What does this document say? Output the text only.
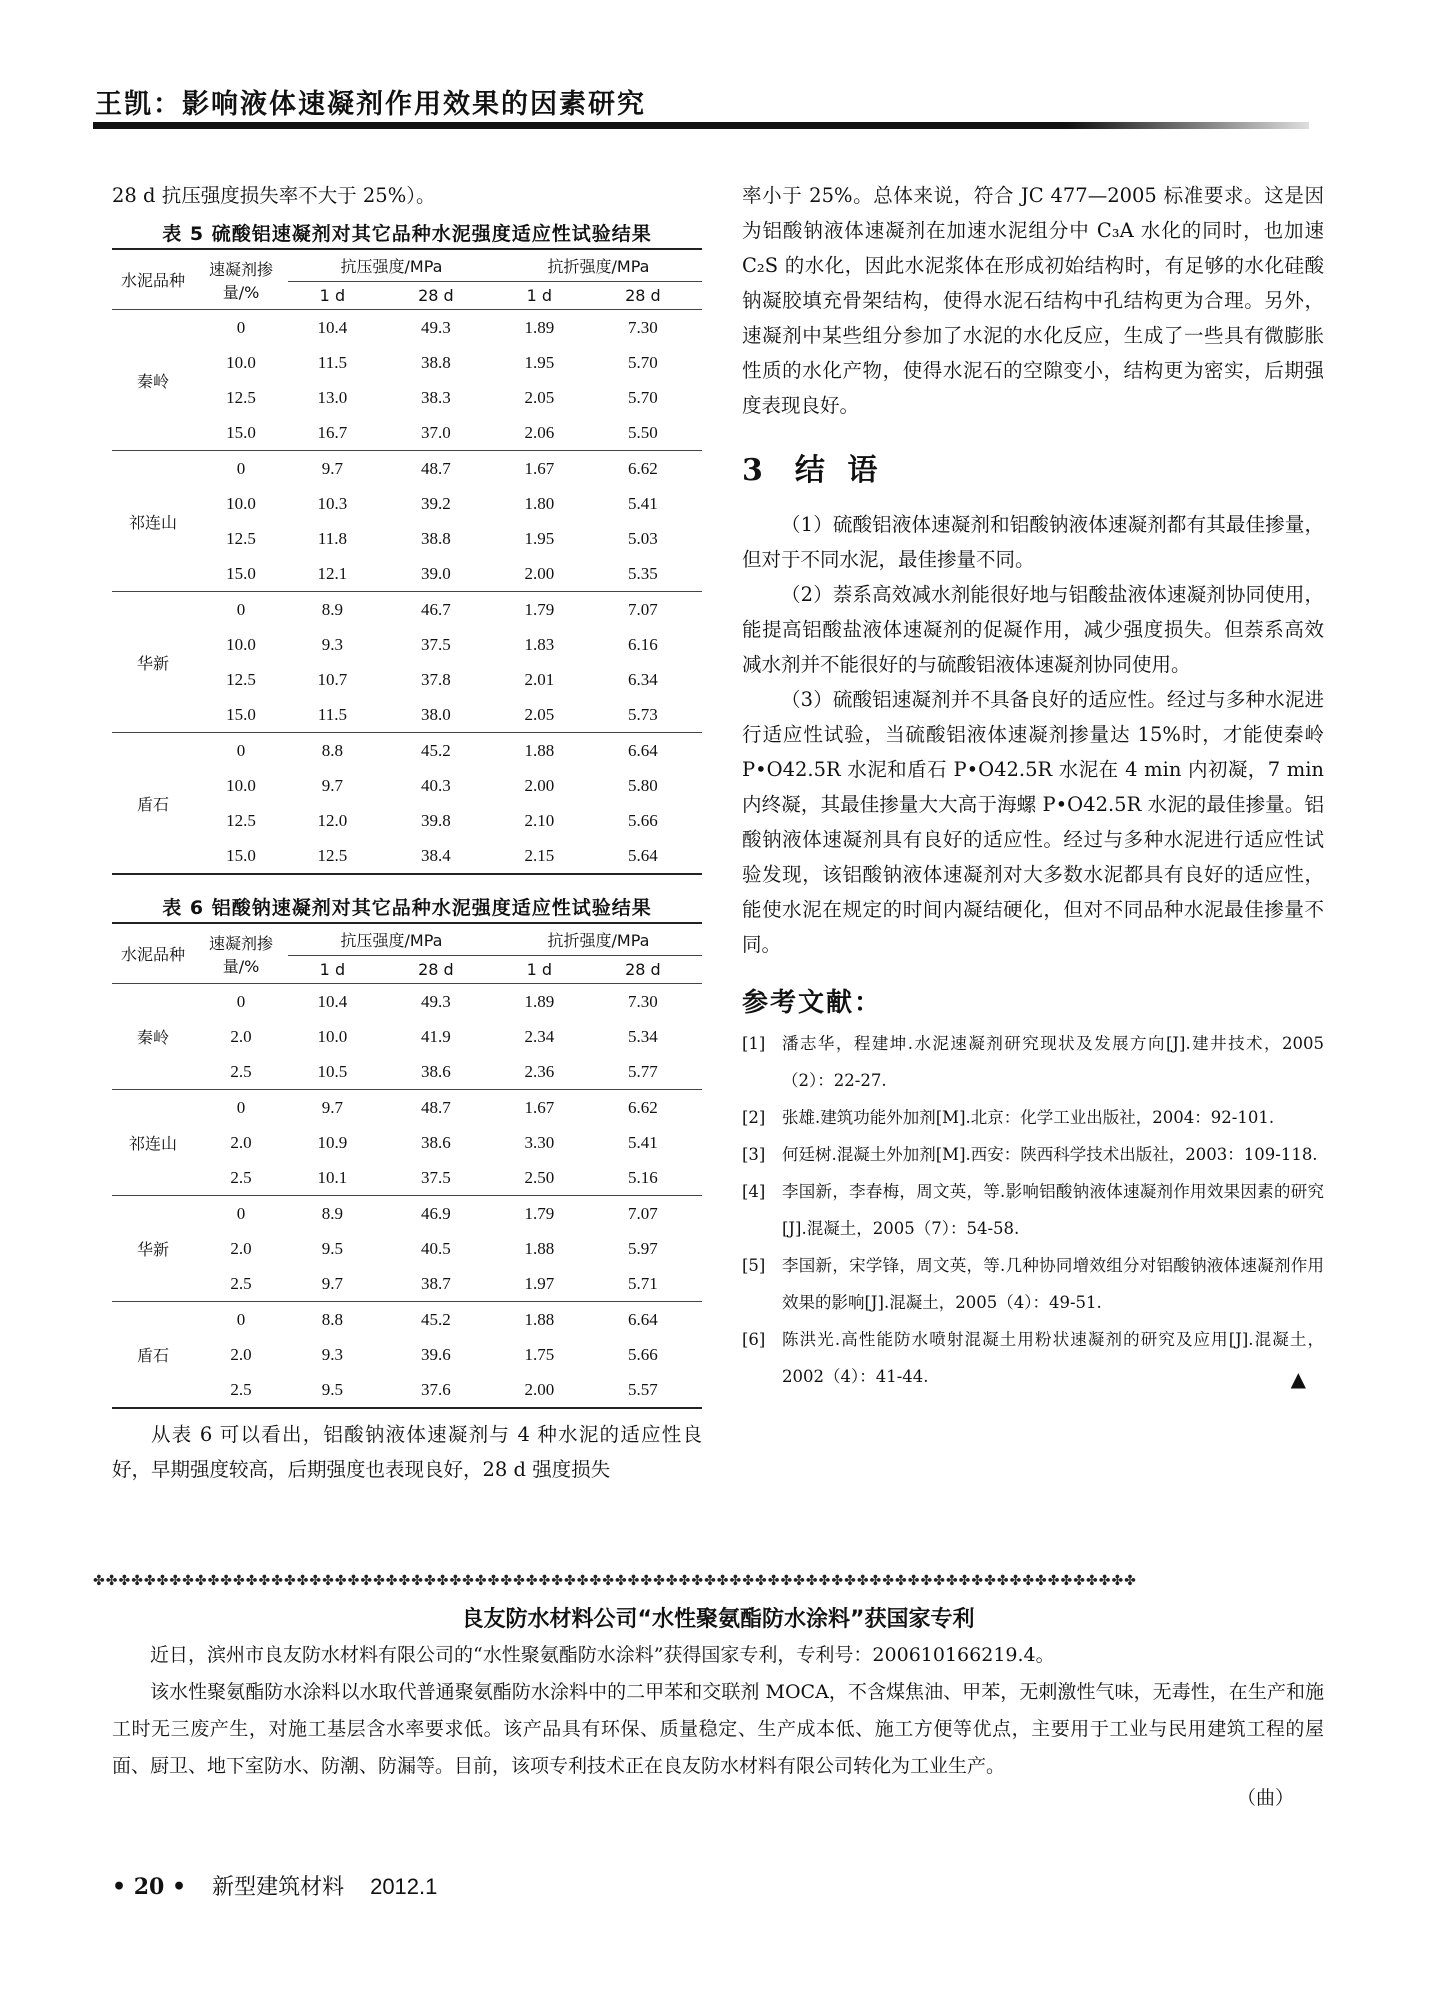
王凯：影响液体速凝剂作用效果的因素研究

28 d 抗压强度损失率不大于 25%）。

表 5 硫酸铝速凝剂对其它品种水泥强度适应性试验结果
水泥品种	速凝剂掺量/%	抗压强度/MPa		抗折强度/MPa	
		1 d	28 d	1 d	28 d
秦岭	0	10.4	49.3	1.89	7.30
	10.0	11.5	38.8	1.95	5.70
	12.5	13.0	38.3	2.05	5.70
	15.0	16.7	37.0	2.06	5.50
祁连山	0	9.7	48.7	1.67	6.62
	10.0	10.3	39.2	1.80	5.41
	12.5	11.8	38.8	1.95	5.03
	15.0	12.1	39.0	2.00	5.35
华新	0	8.9	46.7	1.79	7.07
	10.0	9.3	37.5	1.83	6.16
	12.5	10.7	37.8	2.01	6.34
	15.0	11.5	38.0	2.05	5.73
盾石	0	8.8	45.2	1.88	6.64
	10.0	9.7	40.3	2.00	5.80
	12.5	12.0	39.8	2.10	5.66
	15.0	12.5	38.4	2.15	5.64
表 6 铝酸钠速凝剂对其它品种水泥强度适应性试验结果
水泥品种	速凝剂掺量/%	抗压强度/MPa		抗折强度/MPa	
		1 d	28 d	1 d	28 d
秦岭	0	10.4	49.3	1.89	7.30
	2.0	10.0	41.9	2.34	5.34
	2.5	10.5	38.6	2.36	5.77
祁连山	0	9.7	48.7	1.67	6.62
	2.0	10.9	38.6	3.30	5.41
	2.5	10.1	37.5	2.50	5.16
华新	0	8.9	46.9	1.79	7.07
	2.0	9.5	40.5	1.88	5.97
	2.5	9.7	38.7	1.97	5.71
盾石	0	8.8	45.2	1.88	6.64
	2.0	9.3	39.6	1.75	5.66
	2.5	9.5	37.6	2.00	5.57

从表 6 可以看出，铝酸钠液体速凝剂与 4 种水泥的适应性良好，早期强度较高，后期强度也表现良好，28 d 强度损失

率小于 25%。总体来说，符合 JC 477—2005 标准要求。这是因为铝酸钠液体速凝剂在加速水泥组分中 C₃A 水化的同时，也加速 C₂S 的水化，因此水泥浆体在形成初始结构时，有足够的水化硅酸钠凝胶填充骨架结构，使得水泥石结构中孔结构更为合理。另外，速凝剂中某些组分参加了水泥的水化反应，生成了一些具有微膨胀性质的水化产物，使得水泥石的空隙变小，结构更为密实，后期强度表现良好。

3 结 语

（1）硫酸铝液体速凝剂和铝酸钠液体速凝剂都有其最佳掺量，但对于不同水泥，最佳掺量不同。

（2）萘系高效减水剂能很好地与铝酸盐液体速凝剂协同使用，能提高铝酸盐液体速凝剂的促凝作用，减少强度损失。但萘系高效减水剂并不能很好的与硫酸铝液体速凝剂协同使用。

（3）硫酸铝速凝剂并不具备良好的适应性。经过与多种水泥进行适应性试验，当硫酸铝液体速凝剂掺量达 15%时，才能使秦岭 P•O42.5R 水泥和盾石 P•O42.5R 水泥在 4 min 内初凝，7 min 内终凝，其最佳掺量大大高于海螺 P•O42.5R 水泥的最佳掺量。铝酸钠液体速凝剂具有良好的适应性。经过与多种水泥进行适应性试验发现，该铝酸钠液体速凝剂对大多数水泥都具有良好的适应性，能使水泥在规定的时间内凝结硬化，但对不同品种水泥最佳掺量不同。

参考文献：
[1]	潘志华，程建坤.水泥速凝剂研究现状及发展方向[J].建井技术，2005（2）：22-27.
[2]	张雄.建筑功能外加剂[M].北京：化学工业出版社，2004：92-101.
[3]	何廷树.混凝土外加剂[M].西安：陕西科学技术出版社，2003：109-118.
[4]	李国新，李春梅，周文英，等.影响铝酸钠液体速凝剂作用效果因素的研究[J].混凝土，2005（7）：54-58.
[5]	李国新，宋学锋，周文英，等.几种协同增效组分对铝酸钠液体速凝剂作用效果的影响[J].混凝土，2005（4）：49-51.
[6]	陈洪光.高性能防水喷射混凝土用粉状速凝剂的研究及应用[J].混凝土，2002（4）：41-44.	▲
✤✤✤✤✤✤✤✤✤✤✤✤✤✤✤✤✤✤✤✤✤✤✤✤✤✤✤✤✤✤✤✤✤✤✤✤✤✤✤✤✤✤✤✤✤✤✤✤✤✤✤✤✤✤✤✤✤✤✤✤✤✤✤✤✤✤✤✤✤✤✤✤✤✤✤✤✤✤✤✤✤✤
良友防水材料公司“水性聚氨酯防水涂料”获国家专利

近日，滨州市良友防水材料有限公司的“水性聚氨酯防水涂料”获得国家专利，专利号：200610166219.4。

该水性聚氨酯防水涂料以水取代普通聚氨酯防水涂料中的二甲苯和交联剂 MOCA，不含煤焦油、甲苯，无刺激性气味，无毒性，在生产和施工时无三废产生，对施工基层含水率要求低。该产品具有环保、质量稳定、生产成本低、施工方便等优点，主要用于工业与民用建筑工程的屋面、厨卫、地下室防水、防潮、防漏等。目前，该项专利技术正在良友防水材料有限公司转化为工业生产。

（曲）
• 20 • 新型建筑材料 2012.1
